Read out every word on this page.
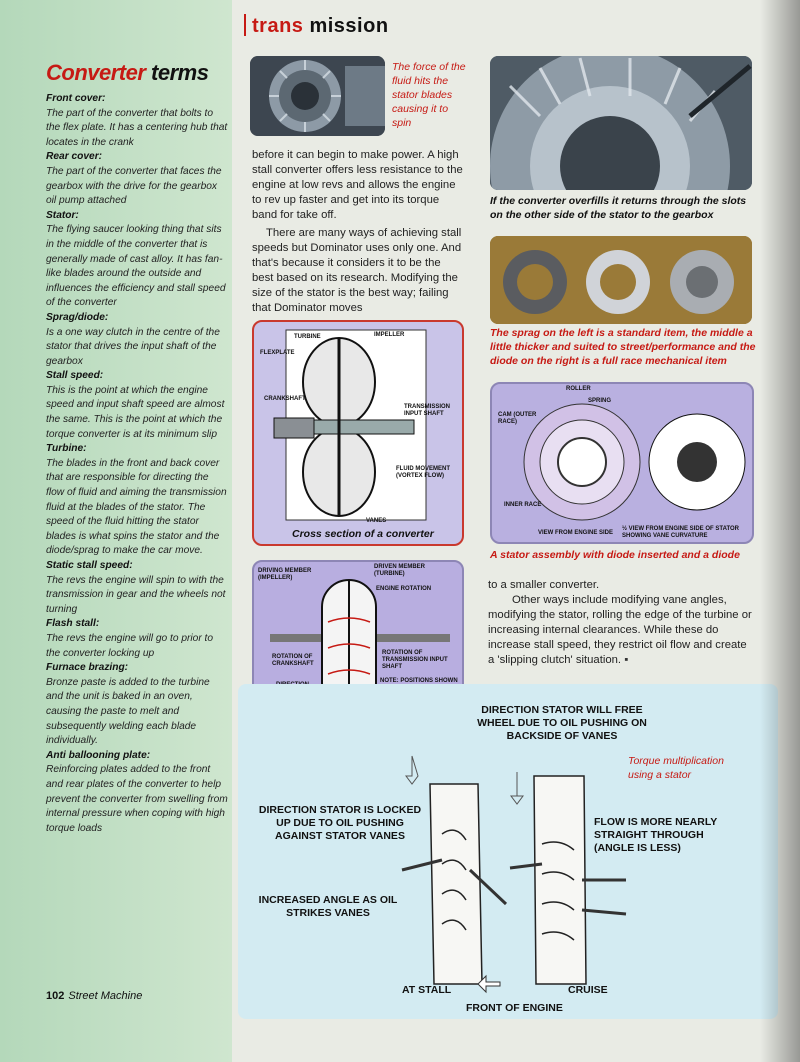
Converter terms
Front cover:
The part of the converter that bolts to the flex plate. It has a centering hub that locates in the crank
Rear cover:
The part of the converter that faces the gearbox with the drive for the gearbox oil pump attached
Stator:
The flying saucer looking thing that sits in the middle of the converter that is generally made of cast alloy. It has fan-like blades around the outside and influences the efficiency and stall speed of the converter
Sprag/diode:
Is a one way clutch in the centre of the stator that drives the input shaft of the gearbox
Stall speed:
This is the point at which the engine speed and input shaft speed are almost the same. This is the point at which the torque converter is at its minimum slip
Turbine:
The blades in the front and back cover that are responsible for directing the flow of fluid and aiming the transmission fluid at the blades of the stator. The speed of the fluid hitting the stator blades is what spins the stator and the diode/sprag to make the car move.
Static stall speed:
The revs the engine will spin to with the transmission in gear and the wheels not turning
Flash stall:
The revs the engine will go to prior to the converter locking up
Furnace brazing:
Bronze paste is added to the turbine and the unit is baked in an oven, causing the paste to melt and subsequently welding each blade individually.
Anti ballooning plate:
Reinforcing plates added to the front and rear plates of the converter to help prevent the converter from swelling from internal pressure when coping with high torque loads
102 Street Machine
trans mission
The force of the fluid hits the stator blades causing it to spin
If the converter overfills it returns through the slots on the other side of the stator to the gearbox
before it can begin to make power. A high stall converter offers less resistance to the engine at low revs and allows the engine to rev up faster and get into its torque band for take off.
There are many ways of achieving stall speeds but Dominator uses only one. And that's because it considers it to be the best based on its research. Modifying the size of the stator is the best way; failing that Dominator moves
The sprag on the left is a standard item, the middle a little thicker and suited to street/performance and the diode on the right is a full race mechanical item
TURBINE	IMPELLER
FLEXPLATE
CRANKSHAFT
TRANSMISSION INPUT SHAFT
FLUID MOVEMENT (VORTEX FLOW)
VANES
Cross section of a converter
ROLLER
SPRING
CAM (OUTER RACE)
INNER RACE
VIEW FROM ENGINE SIDE
½ VIEW FROM ENGINE SIDE OF STATOR SHOWING VANE CURVATURE
A stator assembly with diode inserted and a diode
DRIVING MEMBER (IMPELLER)
DRIVEN MEMBER (TURBINE)
ENGINE ROTATION
ROTATION OF CRANKSHAFT
ROTATION OF TRANSMISSION INPUT SHAFT
NOTE: POSITIONS SHOWN
to a smaller converter.
Other ways include modifying vane angles, modifying the stator, rolling the edge of the turbine or increasing internal clearances. While these do increase stall speed, they restrict oil flow and create a 'slipping clutch' situation. ▪
DIRECTION STATOR WILL FREE WHEEL DUE TO OIL PUSHING ON BACKSIDE OF VANES
DIRECTION STATOR IS LOCKED UP DUE TO OIL PUSHING AGAINST STATOR VANES
FLOW IS MORE NEARLY STRAIGHT THROUGH (ANGLE IS LESS)
INCREASED ANGLE AS OIL STRIKES VANES
AT STALL	CRUISE
FRONT OF ENGINE
Torque multiplication using a stator
